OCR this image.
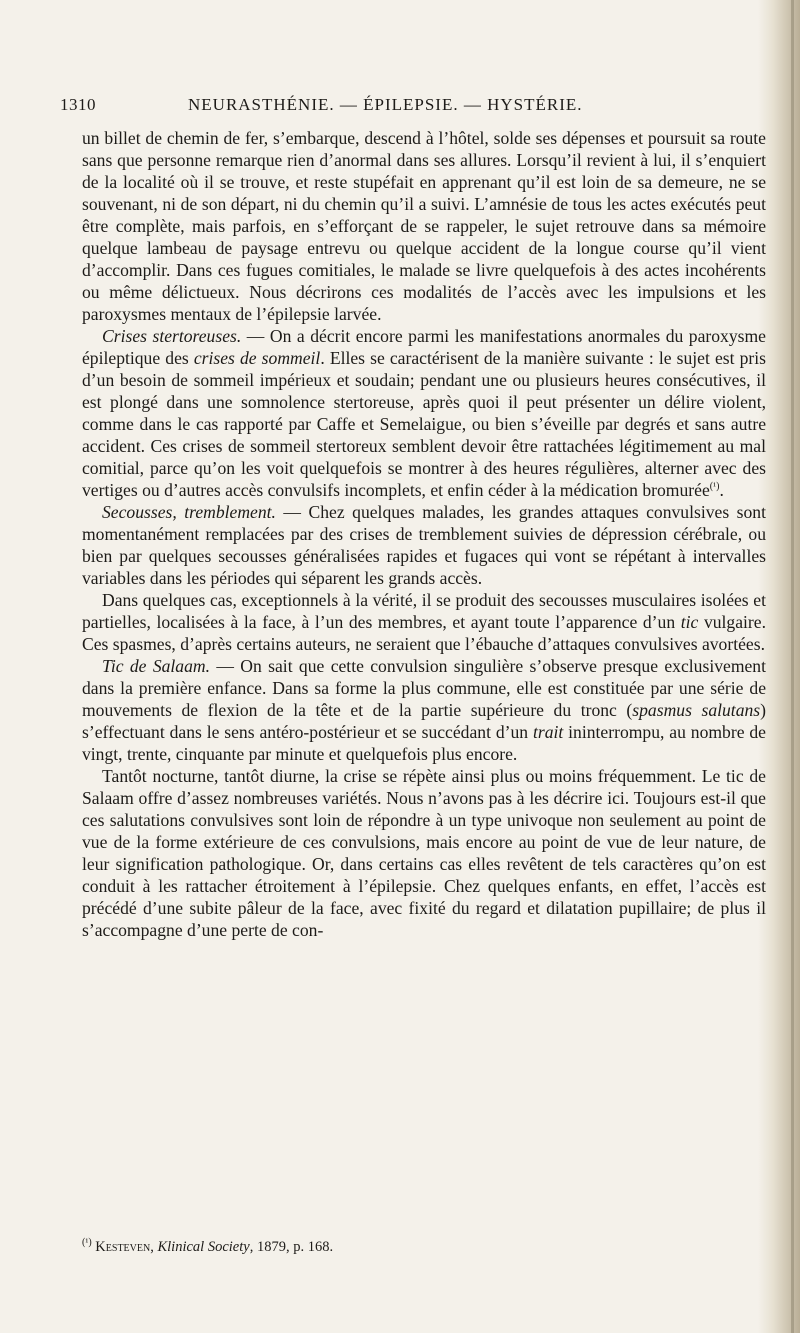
1310	NEURASTHÉNIE. — ÉPILEPSIE. — HYSTÉRIE.

un billet de chemin de fer, s’embarque, descend à l’hôtel, solde ses dépenses et poursuit sa route sans que personne remarque rien d’anormal dans ses allures. Lorsqu’il revient à lui, il s’enquiert de la localité où il se trouve, et reste stupéfait en apprenant qu’il est loin de sa demeure, ne se souvenant, ni de son départ, ni du chemin qu’il a suivi. L’amnésie de tous les actes exécutés peut être complète, mais parfois, en s’efforçant de se rappeler, le sujet retrouve dans sa mémoire quelque lambeau de paysage entrevu ou quelque accident de la longue course qu’il vient d’accomplir. Dans ces fugues comitiales, le malade se livre quelquefois à des actes incohérents ou même délictueux. Nous décrirons ces modalités de l’accès avec les impulsions et les paroxysmes mentaux de l’épilepsie larvée.

Crises stertoreuses. — On a décrit encore parmi les manifestations anormales du paroxysme épileptique des crises de sommeil. Elles se caractérisent de la manière suivante : le sujet est pris d’un besoin de sommeil impérieux et soudain; pendant une ou plusieurs heures consécutives, il est plongé dans une somnolence stertoreuse, après quoi il peut présenter un délire violent, comme dans le cas rapporté par Caffe et Semelaigue, ou bien s’éveille par degrés et sans autre accident. Ces crises de sommeil stertoreux semblent devoir être rattachées légitimement au mal comitial, parce qu’on les voit quelquefois se montrer à des heures régulières, alterner avec des vertiges ou d’autres accès convulsifs incomplets, et enfin céder à la médication bromurée$^{(^1)}$.

Secousses, tremblement. — Chez quelques malades, les grandes attaques convulsives sont momentanément remplacées par des crises de tremblement suivies de dépression cérébrale, ou bien par quelques secousses généralisées rapides et fugaces qui vont se répétant à intervalles variables dans les périodes qui séparent les grands accès.

Dans quelques cas, exceptionnels à la vérité, il se produit des secousses musculaires isolées et partielles, localisées à la face, à l’un des membres, et ayant toute l’apparence d’un tic vulgaire. Ces spasmes, d’après certains auteurs, ne seraient que l’ébauche d’attaques convulsives avortées.

Tic de Salaam. — On sait que cette convulsion singulière s’observe presque exclusivement dans la première enfance. Dans sa forme la plus commune, elle est constituée par une série de mouvements de flexion de la tête et de la partie supérieure du tronc (spasmus salutans) s’effectuant dans le sens antéro-postérieur et se succédant d’un trait ininterrompu, au nombre de vingt, trente, cinquante par minute et quelquefois plus encore.

Tantôt nocturne, tantôt diurne, la crise se répète ainsi plus ou moins fréquemment. Le tic de Salaam offre d’assez nombreuses variétés. Nous n’avons pas à les décrire ici. Toujours est-il que ces salutations convulsives sont loin de répondre à un type univoque non seulement au point de vue de la forme extérieure de ces convulsions, mais encore au point de vue de leur nature, de leur signification pathologique. Or, dans certains cas elles revêtent de tels caractères qu’on est conduit à les rattacher étroitement à l’épilepsie. Chez quelques enfants, en effet, l’accès est précédé d’une subite pâleur de la face, avec fixité du regard et dilatation pupillaire; de plus il s’accompagne d’une perte de con-

$^{(^1)}$ Kesteven, Klinical Society, 1879, p. 168.
